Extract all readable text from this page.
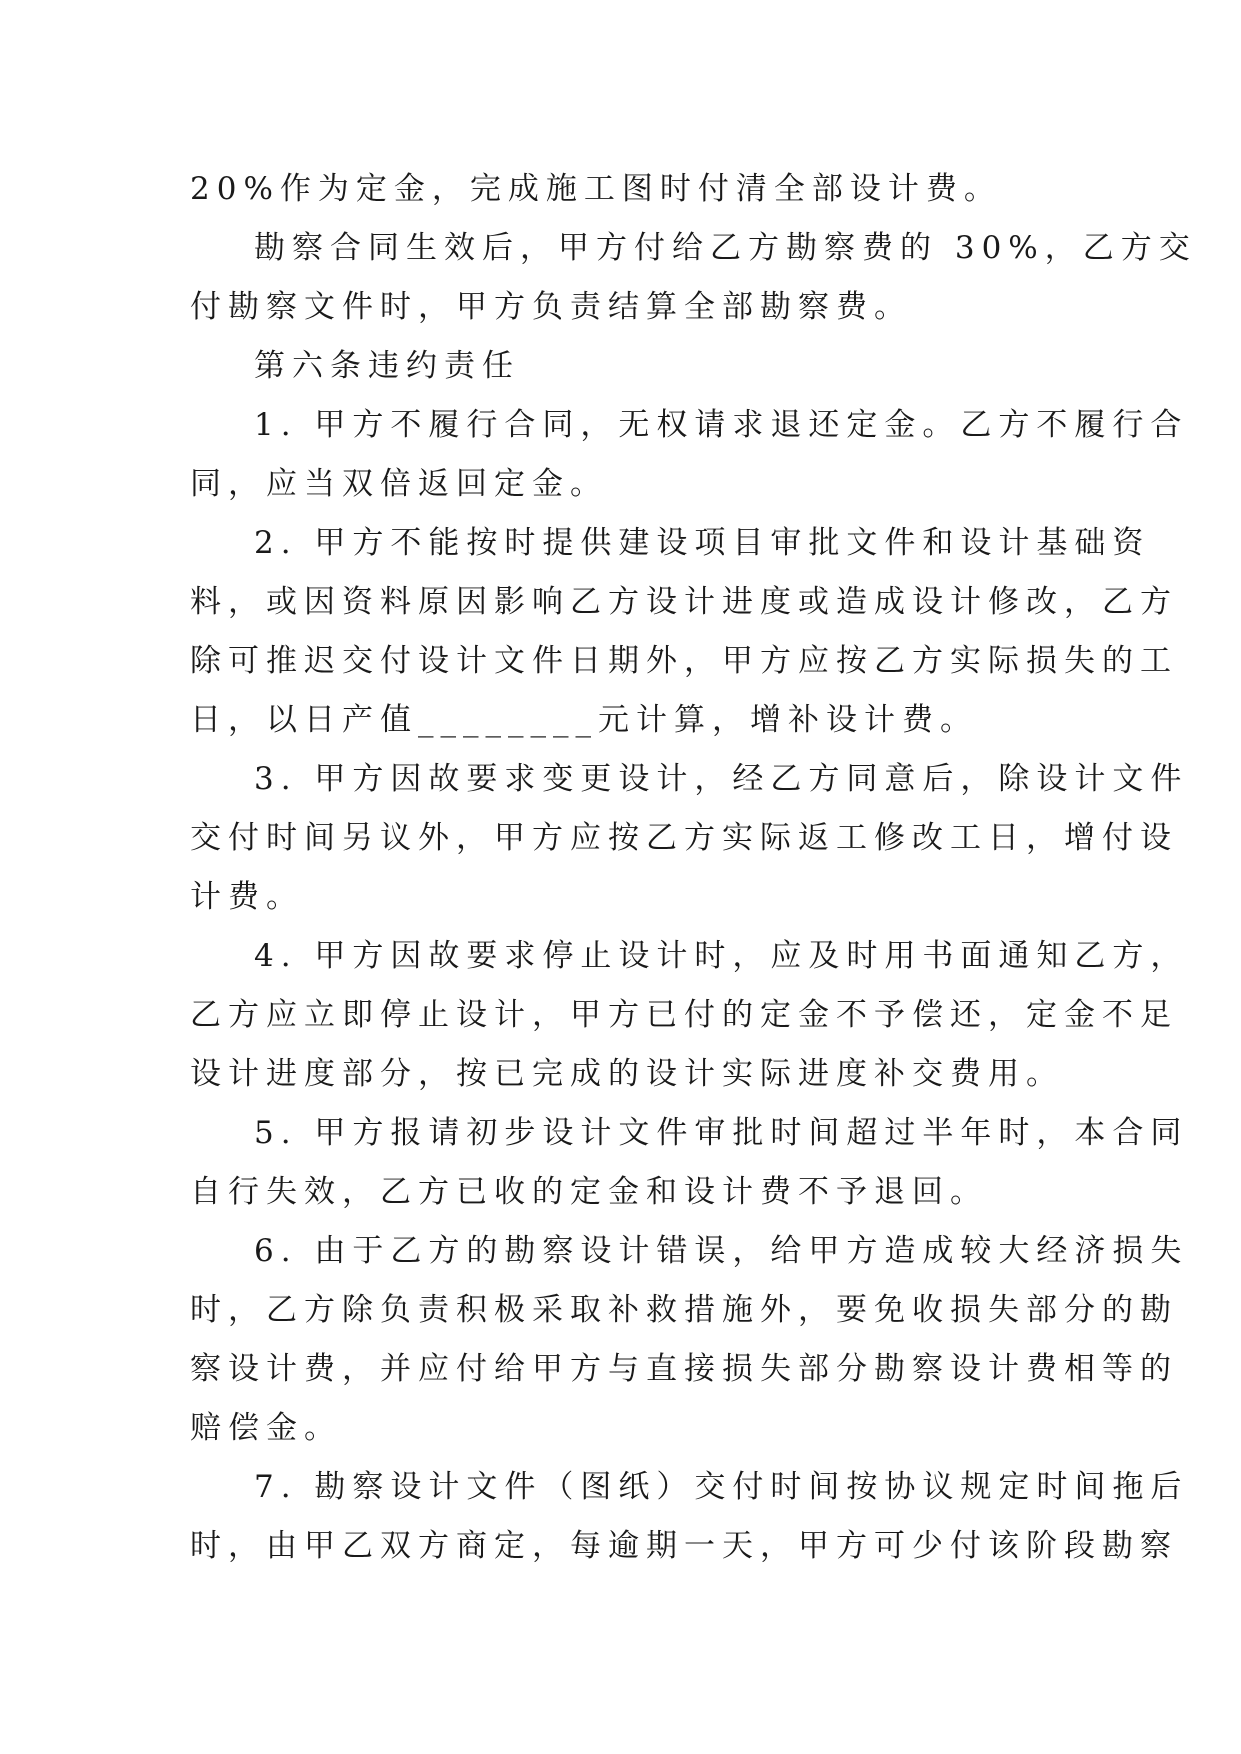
20%作为定金，完成施工图时付清全部设计费。
勘察合同生效后，甲方付给乙方勘察费的 30%，乙方交
付勘察文件时，甲方负责结算全部勘察费。
第六条违约责任
1. 甲方不履行合同，无权请求退还定金。乙方不履行合
同，应当双倍返回定金。
2. 甲方不能按时提供建设项目审批文件和设计基础资
料，或因资料原因影响乙方设计进度或造成设计修改，乙方
除可推迟交付设计文件日期外，甲方应按乙方实际损失的工
日，以日产值________元计算，增补设计费。
3. 甲方因故要求变更设计，经乙方同意后，除设计文件
交付时间另议外，甲方应按乙方实际返工修改工日，增付设
计费。
4. 甲方因故要求停止设计时，应及时用书面通知乙方，
乙方应立即停止设计，甲方已付的定金不予偿还，定金不足
设计进度部分，按已完成的设计实际进度补交费用。
5. 甲方报请初步设计文件审批时间超过半年时，本合同
自行失效，乙方已收的定金和设计费不予退回。
6. 由于乙方的勘察设计错误，给甲方造成较大经济损失
时，乙方除负责积极采取补救措施外，要免收损失部分的勘
察设计费，并应付给甲方与直接损失部分勘察设计费相等的
赔偿金。
7. 勘察设计文件（图纸）交付时间按协议规定时间拖后
时，由甲乙双方商定，每逾期一天，甲方可少付该阶段勘察
